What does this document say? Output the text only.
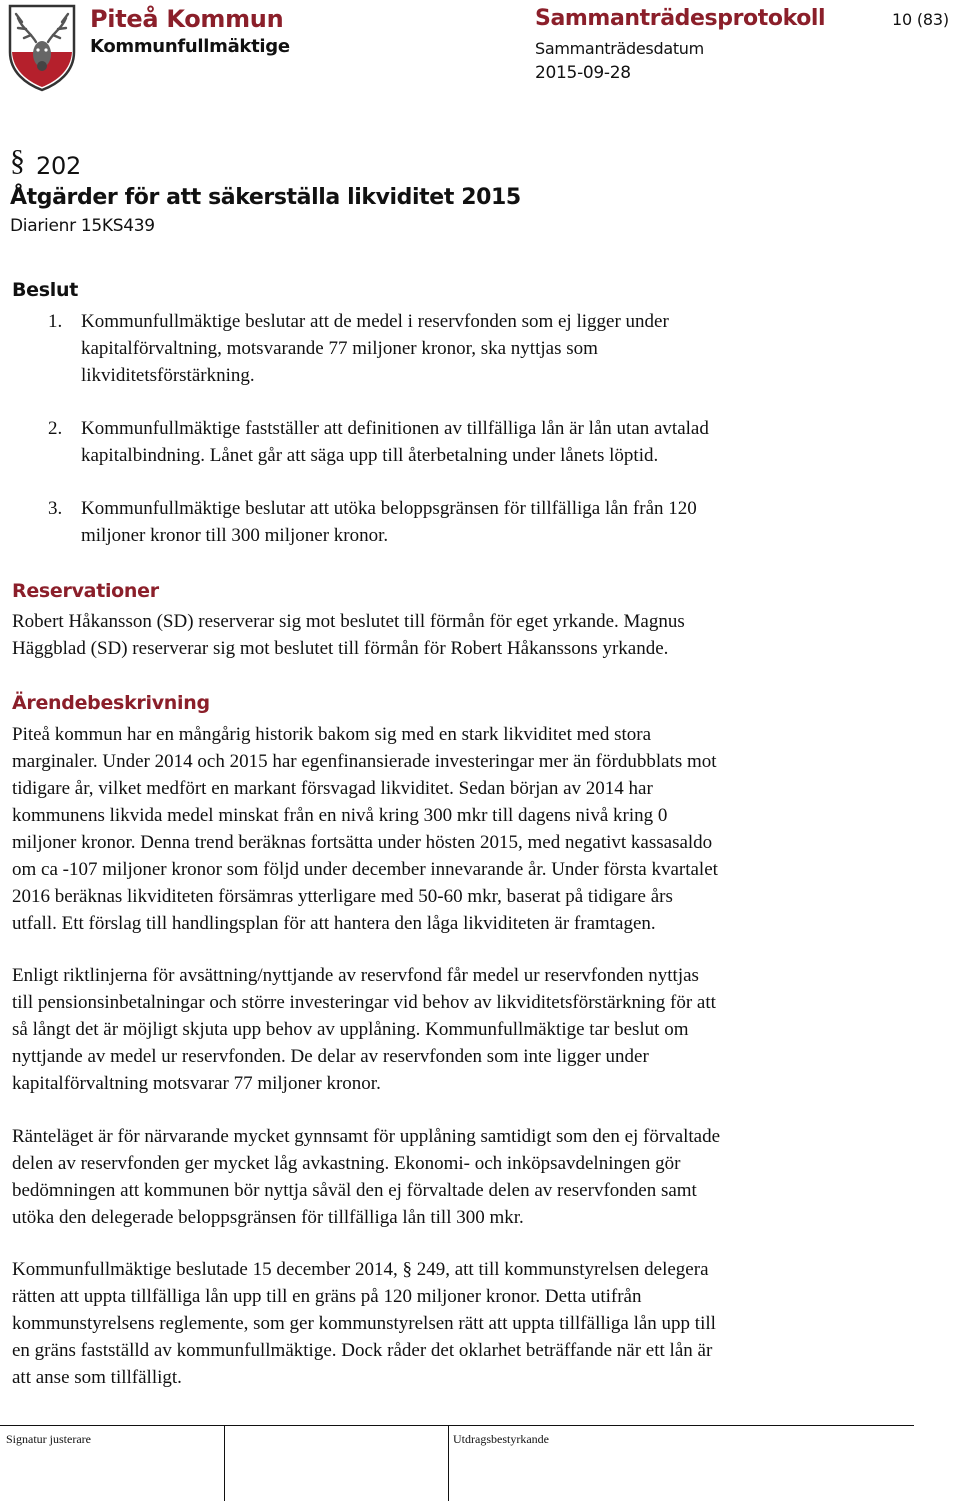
Piteå Kommun
Kommunfullmäktige
Sammanträdesprotokoll
Sammanträdesdatum
2015-09-28
10 (83)
§ 202
Åtgärder för att säkerställa likviditet 2015
Diarienr 15KS439
Beslut
1. Kommunfullmäktige beslutar att de medel i reservfonden som ej ligger under
kapitalförvaltning, motsvarande 77 miljoner kronor, ska nyttjas som
likviditetsförstärkning.
2. Kommunfullmäktige fastställer att definitionen av tillfälliga lån är lån utan avtalad
kapitalbindning. Lånet går att säga upp till återbetalning under lånets löptid.
3. Kommunfullmäktige beslutar att utöka beloppsgränsen för tillfälliga lån från 120
miljoner kronor till 300 miljoner kronor.
Reservationer

Robert Håkansson (SD) reserverar sig mot beslutet till förmån för eget yrkande. Magnus

Häggblad (SD) reserverar sig mot beslutet till förmån för Robert Håkanssons yrkande.

Ärendebeskrivning

Piteå kommun har en mångårig historik bakom sig med en stark likviditet med stora

marginaler. Under 2014 och 2015 har egenfinansierade investeringar mer än fördubblats mot

tidigare år, vilket medfört en markant försvagad likviditet. Sedan början av 2014 har

kommunens likvida medel minskat från en nivå kring 300 mkr till dagens nivå kring 0

miljoner kronor. Denna trend beräknas fortsätta under hösten 2015, med negativt kassasaldo

om ca -107 miljoner kronor som följd under december innevarande år. Under första kvartalet

2016 beräknas likviditeten försämras ytterligare med 50-60 mkr, baserat på tidigare års

utfall. Ett förslag till handlingsplan för att hantera den låga likviditeten är framtagen.

Enligt riktlinjerna för avsättning/nyttjande av reservfond får medel ur reservfonden nyttjas

till pensionsinbetalningar och större investeringar vid behov av likviditetsförstärkning för att

så långt det är möjligt skjuta upp behov av upplåning. Kommunfullmäktige tar beslut om

nyttjande av medel ur reservfonden. De delar av reservfonden som inte ligger under

kapitalförvaltning motsvarar 77 miljoner kronor.

Ränteläget är för närvarande mycket gynnsamt för upplåning samtidigt som den ej förvaltade

delen av reservfonden ger mycket låg avkastning. Ekonomi- och inköpsavdelningen gör

bedömningen att kommunen bör nyttja såväl den ej förvaltade delen av reservfonden samt

utöka den delegerade beloppsgränsen för tillfälliga lån till 300 mkr.

Kommunfullmäktige beslutade 15 december 2014, § 249, att till kommunstyrelsen delegera

rätten att uppta tillfälliga lån upp till en gräns på 120 miljoner kronor. Detta utifrån

kommunstyrelsens reglemente, som ger kommunstyrelsen rätt att uppta tillfälliga lån upp till

en gräns fastställd av kommunfullmäktige. Dock råder det oklarhet beträffande när ett lån är

att anse som tillfälligt.

Signatur justerare	Utdragsbestyrkande
